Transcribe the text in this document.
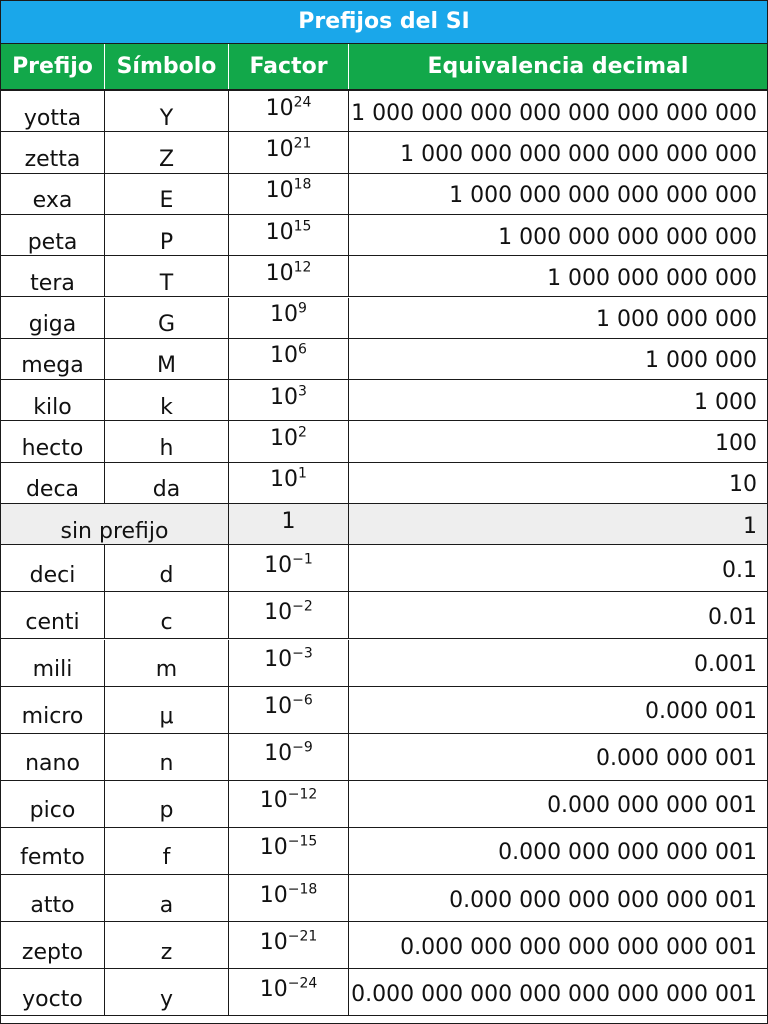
Prefijos del SI
Prefijo	Símbolo	Factor	Equivalencia decimal
yotta	Y	$10^{24}$	1 000 000 000 000 000 000 000 000
zetta	Z	$10^{21}$	1 000 000 000 000 000 000 000
exa	E	$10^{18}$	1 000 000 000 000 000 000
peta	P	$10^{15}$	1 000 000 000 000 000
tera	T	$10^{12}$	1 000 000 000 000
giga	G	$10^9$	1 000 000 000
mega	M	$10^6$	1 000 000
kilo	k	$10^3$	1 000
hecto	h	$10^2$	100
deca	da	$10^1$	10
sin prefijo	1	1
deci	d	$10^{-1}$	0.1
centi	c	$10^{-2}$	0.01
mili	m	$10^{-3}$	0.001
micro	μ	$10^{-6}$	0.000 001
nano	n	$10^{-9}$	0.000 000 001
pico	p	$10^{-12}$	0.000 000 000 001
femto	f	$10^{-15}$	0.000 000 000 000 001
atto	a	$10^{-18}$	0.000 000 000 000 000 001
zepto	z	$10^{-21}$	0.000 000 000 000 000 000 001
yocto	y	$10^{-24}$	0.000 000 000 000 000 000 000 001
